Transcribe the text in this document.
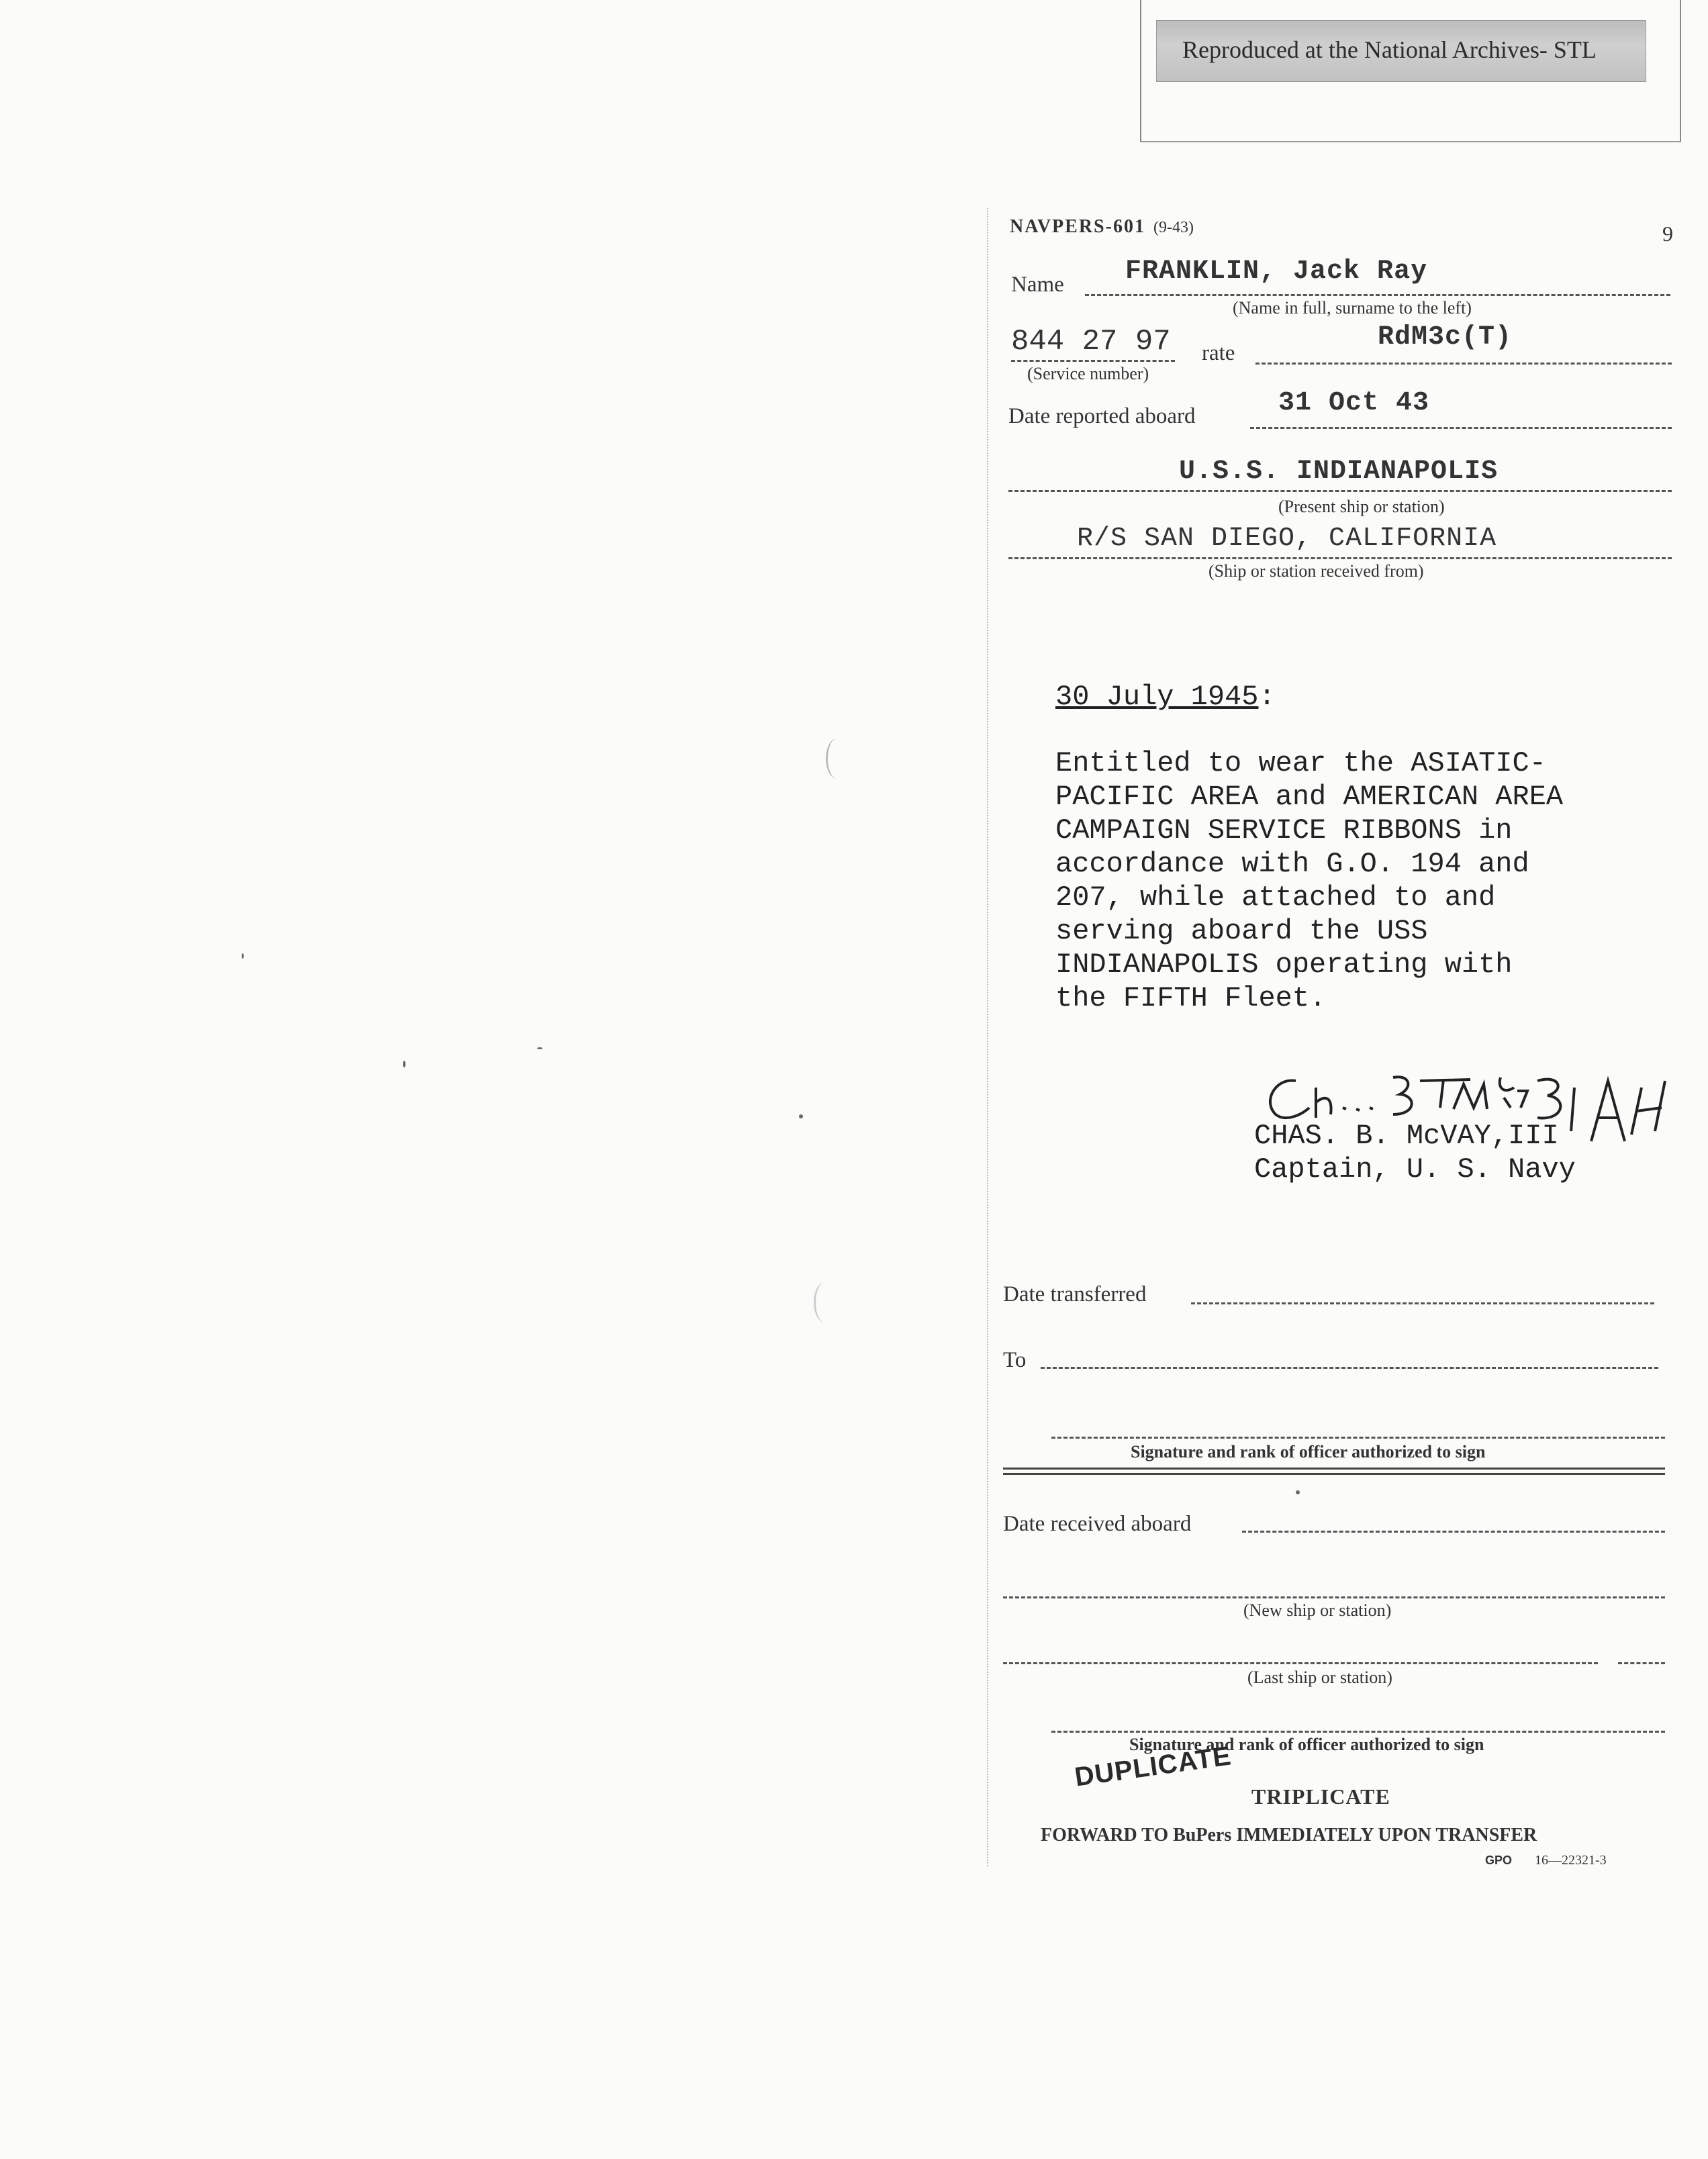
Reproduced at the National Archives- STL
NAVPERS-601 (9-43)	9
Name FRANKLIN, Jack Ray
(Name in full, surname to the left)
844 27 97
(Service number)
rate
RdM3c(T)
Date reported aboard	31 Oct 43
U.S.S. INDIANAPOLIS
(Present ship or station)
R/S SAN DIEGO, CALIFORNIA
(Ship or station received from)
30 July 1945:
Entitled to wear the ASIATIC-
PACIFIC AREA and AMERICAN AREA
CAMPAIGN SERVICE RIBBONS in
accordance with G.O. 194 and
207, while attached to and
serving aboard the USS
INDIANAPOLIS operating with
the FIFTH Fleet.
CHAS. B. McVAY,III
Captain, U. S. Navy
Date transferred
To
Signature and rank of officer authorized to sign
Date received aboard
(New ship or station)
(Last ship or station)
Signature and rank of officer authorized to sign
DUPLICATE
TRIPLICATE
FORWARD TO BuPers IMMEDIATELY UPON TRANSFER
GPO 16—22321-3
